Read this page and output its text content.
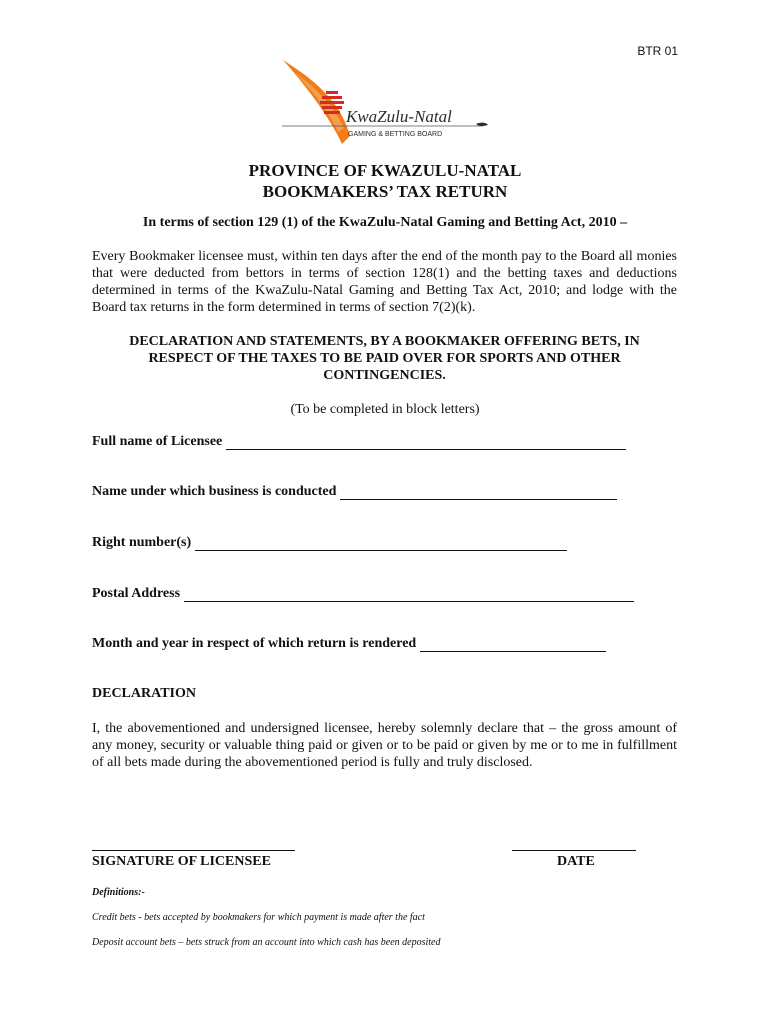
BTR 01
KwaZulu-Natal
GAMING & BETTING BOARD
PROVINCE OF KWAZULU-NATAL
BOOKMAKERS’ TAX RETURN
In terms of section 129 (1) of the KwaZulu-Natal Gaming and Betting Act, 2010 –
Every Bookmaker licensee must, within ten days after the end of the month pay to the Board all monies that were deducted from bettors in terms of section 128(1) and the betting taxes and deductions determined in terms of the KwaZulu-Natal Gaming and Betting Tax Act, 2010; and lodge with the Board tax returns in the form determined in terms of section 7(2)(k).
DECLARATION AND STATEMENTS, BY A BOOKMAKER OFFERING BETS, IN
RESPECT OF THE TAXES TO BE PAID OVER FOR SPORTS AND OTHER
CONTINGENCIES.
(To be completed in block letters)
Full name of Licensee
Name under which business is conducted
Right number(s)
Postal Address
Month and year in respect of which return is rendered
DECLARATION
I, the abovementioned and undersigned licensee, hereby solemnly declare that – the gross amount of any money, security or valuable thing paid or given or to be paid or given by me or to me in fulfillment of all bets made during the abovementioned period is fully and truly disclosed.
SIGNATURE OF LICENSEE	DATE
Definitions:-
Credit bets - bets accepted by bookmakers for which payment is made after the fact
Deposit account bets – bets struck from an account into which cash has been deposited
